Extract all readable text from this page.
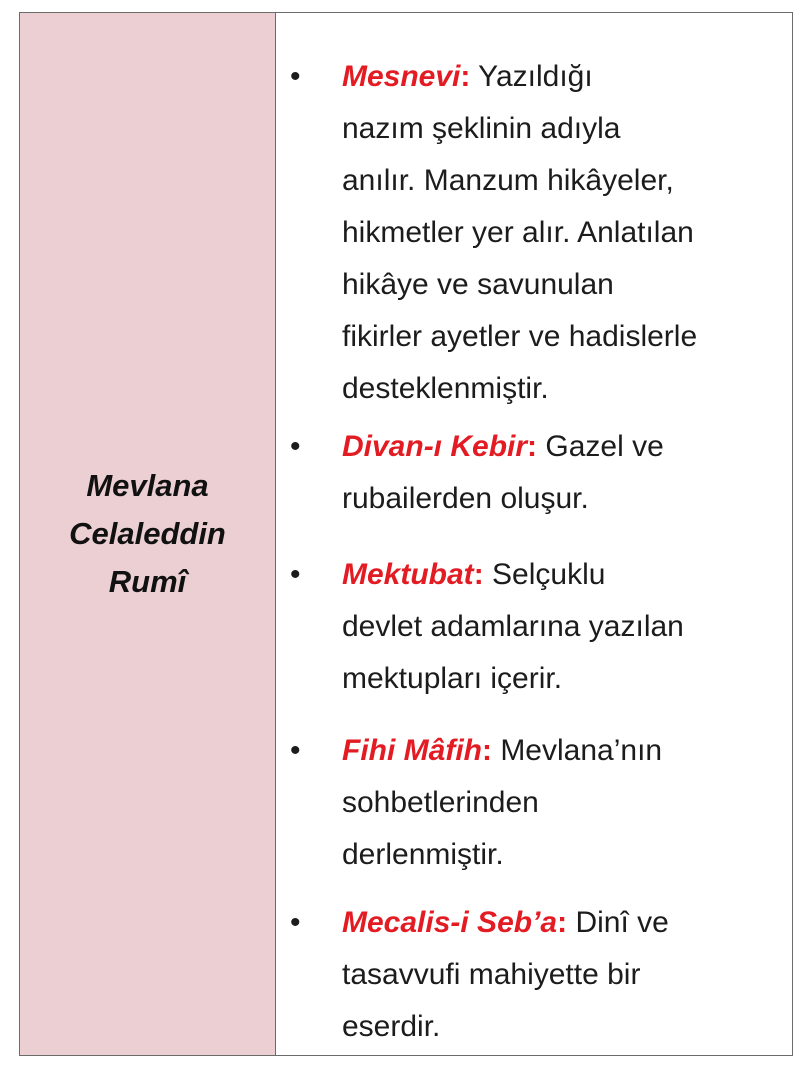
Mevlana
Celaleddin
Rumî
• Mesnevi: Yazıldığı
nazım şeklinin adıyla
anılır. Manzum hikâyeler,
hikmetler yer alır. Anlatılan
hikâye ve savunulan
fikirler ayetler ve hadislerle
desteklenmiştir.
• Divan-ı Kebir: Gazel ve
rubailerden oluşur.
• Mektubat: Selçuklu
devlet adamlarına yazılan
mektupları içerir.
• Fihi Mâfih: Mevlana’nın
sohbetlerinden
derlenmiştir.
• Mecalis-i Seb’a: Dinî ve
tasavvufi mahiyette bir
eserdir.
